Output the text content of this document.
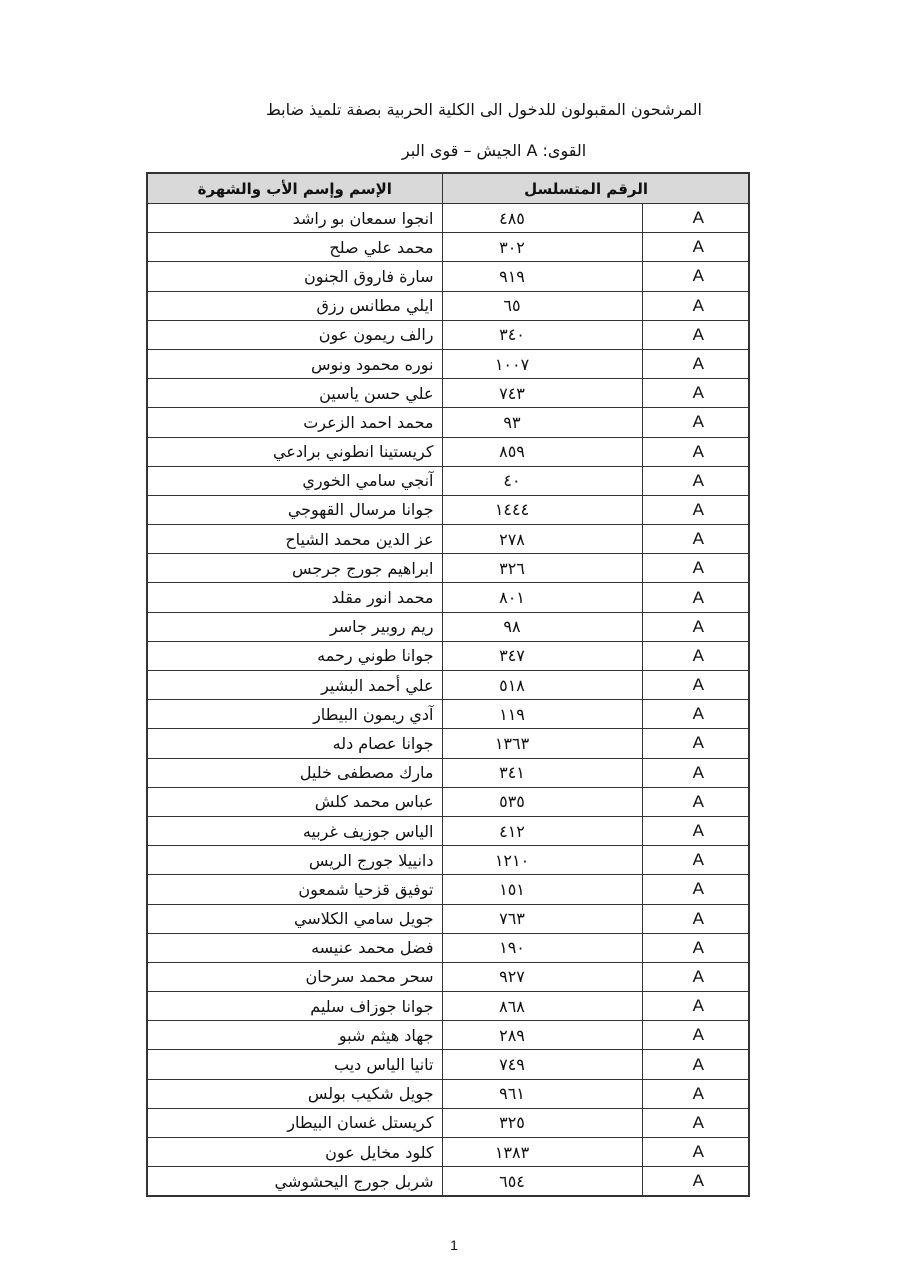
المرشحون المقبولون للدخول الى الكلية الحربية بصفة تلميذ ضابط
القوى: A الجيش – قوى البر
الإسم وإسم الأب والشهرة	الرقم المتسلسل	
انجوا سمعان بو راشد	٤٨٥	A
محمد علي صلح	٣٠٢	A
سارة فاروق الجنون	٩١٩	A
ايلي مطانس رزق	٦٥	A
رالف ريمون عون	٣٤٠	A
نوره محمود ونوس	١٠٠٧	A
علي حسن ياسين	٧٤٣	A
محمد احمد الزعرت	٩٣	A
كريستينا انطوني برادعي	٨٥٩	A
آنجي سامي الخوري	٤٠	A
جوانا مرسال القهوجي	١٤٤٤	A
عز الدين محمد الشياح	٢٧٨	A
ابراهيم جورج جرجس	٣٢٦	A
محمد انور مقلد	٨٠١	A
ريم روبير جاسر	٩٨	A
جوانا طوني رحمه	٣٤٧	A
علي أحمد البشير	٥١٨	A
آدي ريمون البيطار	١١٩	A
جوانا عصام دله	١٣٦٣	A
مارك مصطفى خليل	٣٤١	A
عباس محمد كلش	٥٣٥	A
الياس جوزيف غربيه	٤١٢	A
دانييلا جورج الريس	١٢١٠	A
توفيق قزحيا شمعون	١٥١	A
جويل سامي الكلاسي	٧٦٣	A
فضل محمد عنيسه	١٩٠	A
سحر محمد سرحان	٩٢٧	A
جوانا جوزاف سليم	٨٦٨	A
جهاد هيثم شبو	٢٨٩	A
تانيا الياس ديب	٧٤٩	A
جويل شكيب بولس	٩٦١	A
كريستل غسان البيطار	٣٢٥	A
كلود مخايل عون	١٣٨٣	A
شربل جورج اليحشوشي	٦٥٤	A
1
